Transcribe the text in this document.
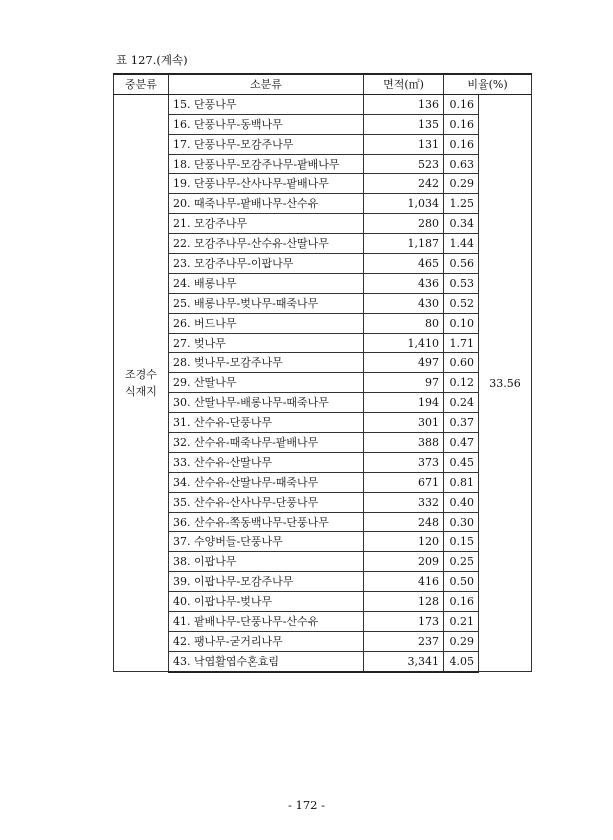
표 127.(계속)
중분류	소분류	면적(㎡)	비율(%)	
조경수
식재지	15. 단풍나무	136	0.16	33.56
	16. 단풍나무-동백나무	135	0.16	
	17. 단풍나무-모감주나무	131	0.16	
	18. 단풍나무-모감주나무-팥배나무	523	0.63	
	19. 단풍나무-산사나무-팥배나무	242	0.29	
	20. 때죽나무-팥배나무-산수유	1,034	1.25	
	21. 모감주나무	280	0.34	
	22. 모감주나무-산수유-산딸나무	1,187	1.44	
	23. 모감주나무-이팝나무	465	0.56	
	24. 배롱나무	436	0.53	
	25. 배롱나무-벚나무-때죽나무	430	0.52	
	26. 버드나무	80	0.10	
	27. 벚나무	1,410	1.71	
	28. 벚나무-모감주나무	497	0.60	
	29. 산딸나무	97	0.12	
	30. 산딸나무-배롱나무-때죽나무	194	0.24	
	31. 산수유-단풍나무	301	0.37	
	32. 산수유-때죽나무-팥배나무	388	0.47	
	33. 산수유-산딸나무	373	0.45	
	34. 산수유-산딸나무-때죽나무	671	0.81	
	35. 산수유-산사나무-단풍나무	332	0.40	
	36. 산수유-쪽동백나무-단풍나무	248	0.30	
	37. 수양버들-단풍나무	120	0.15	
	38. 이팝나무	209	0.25	
	39. 이팝나무-모감주나무	416	0.50	
	40. 이팝나무-벚나무	128	0.16	
	41. 팥배나무-단풍나무-산수유	173	0.21	
	42. 팽나무-굳거리나무	237	0.29	
	43. 낙엽활엽수혼효림	3,341	4.05	
- 172 -
